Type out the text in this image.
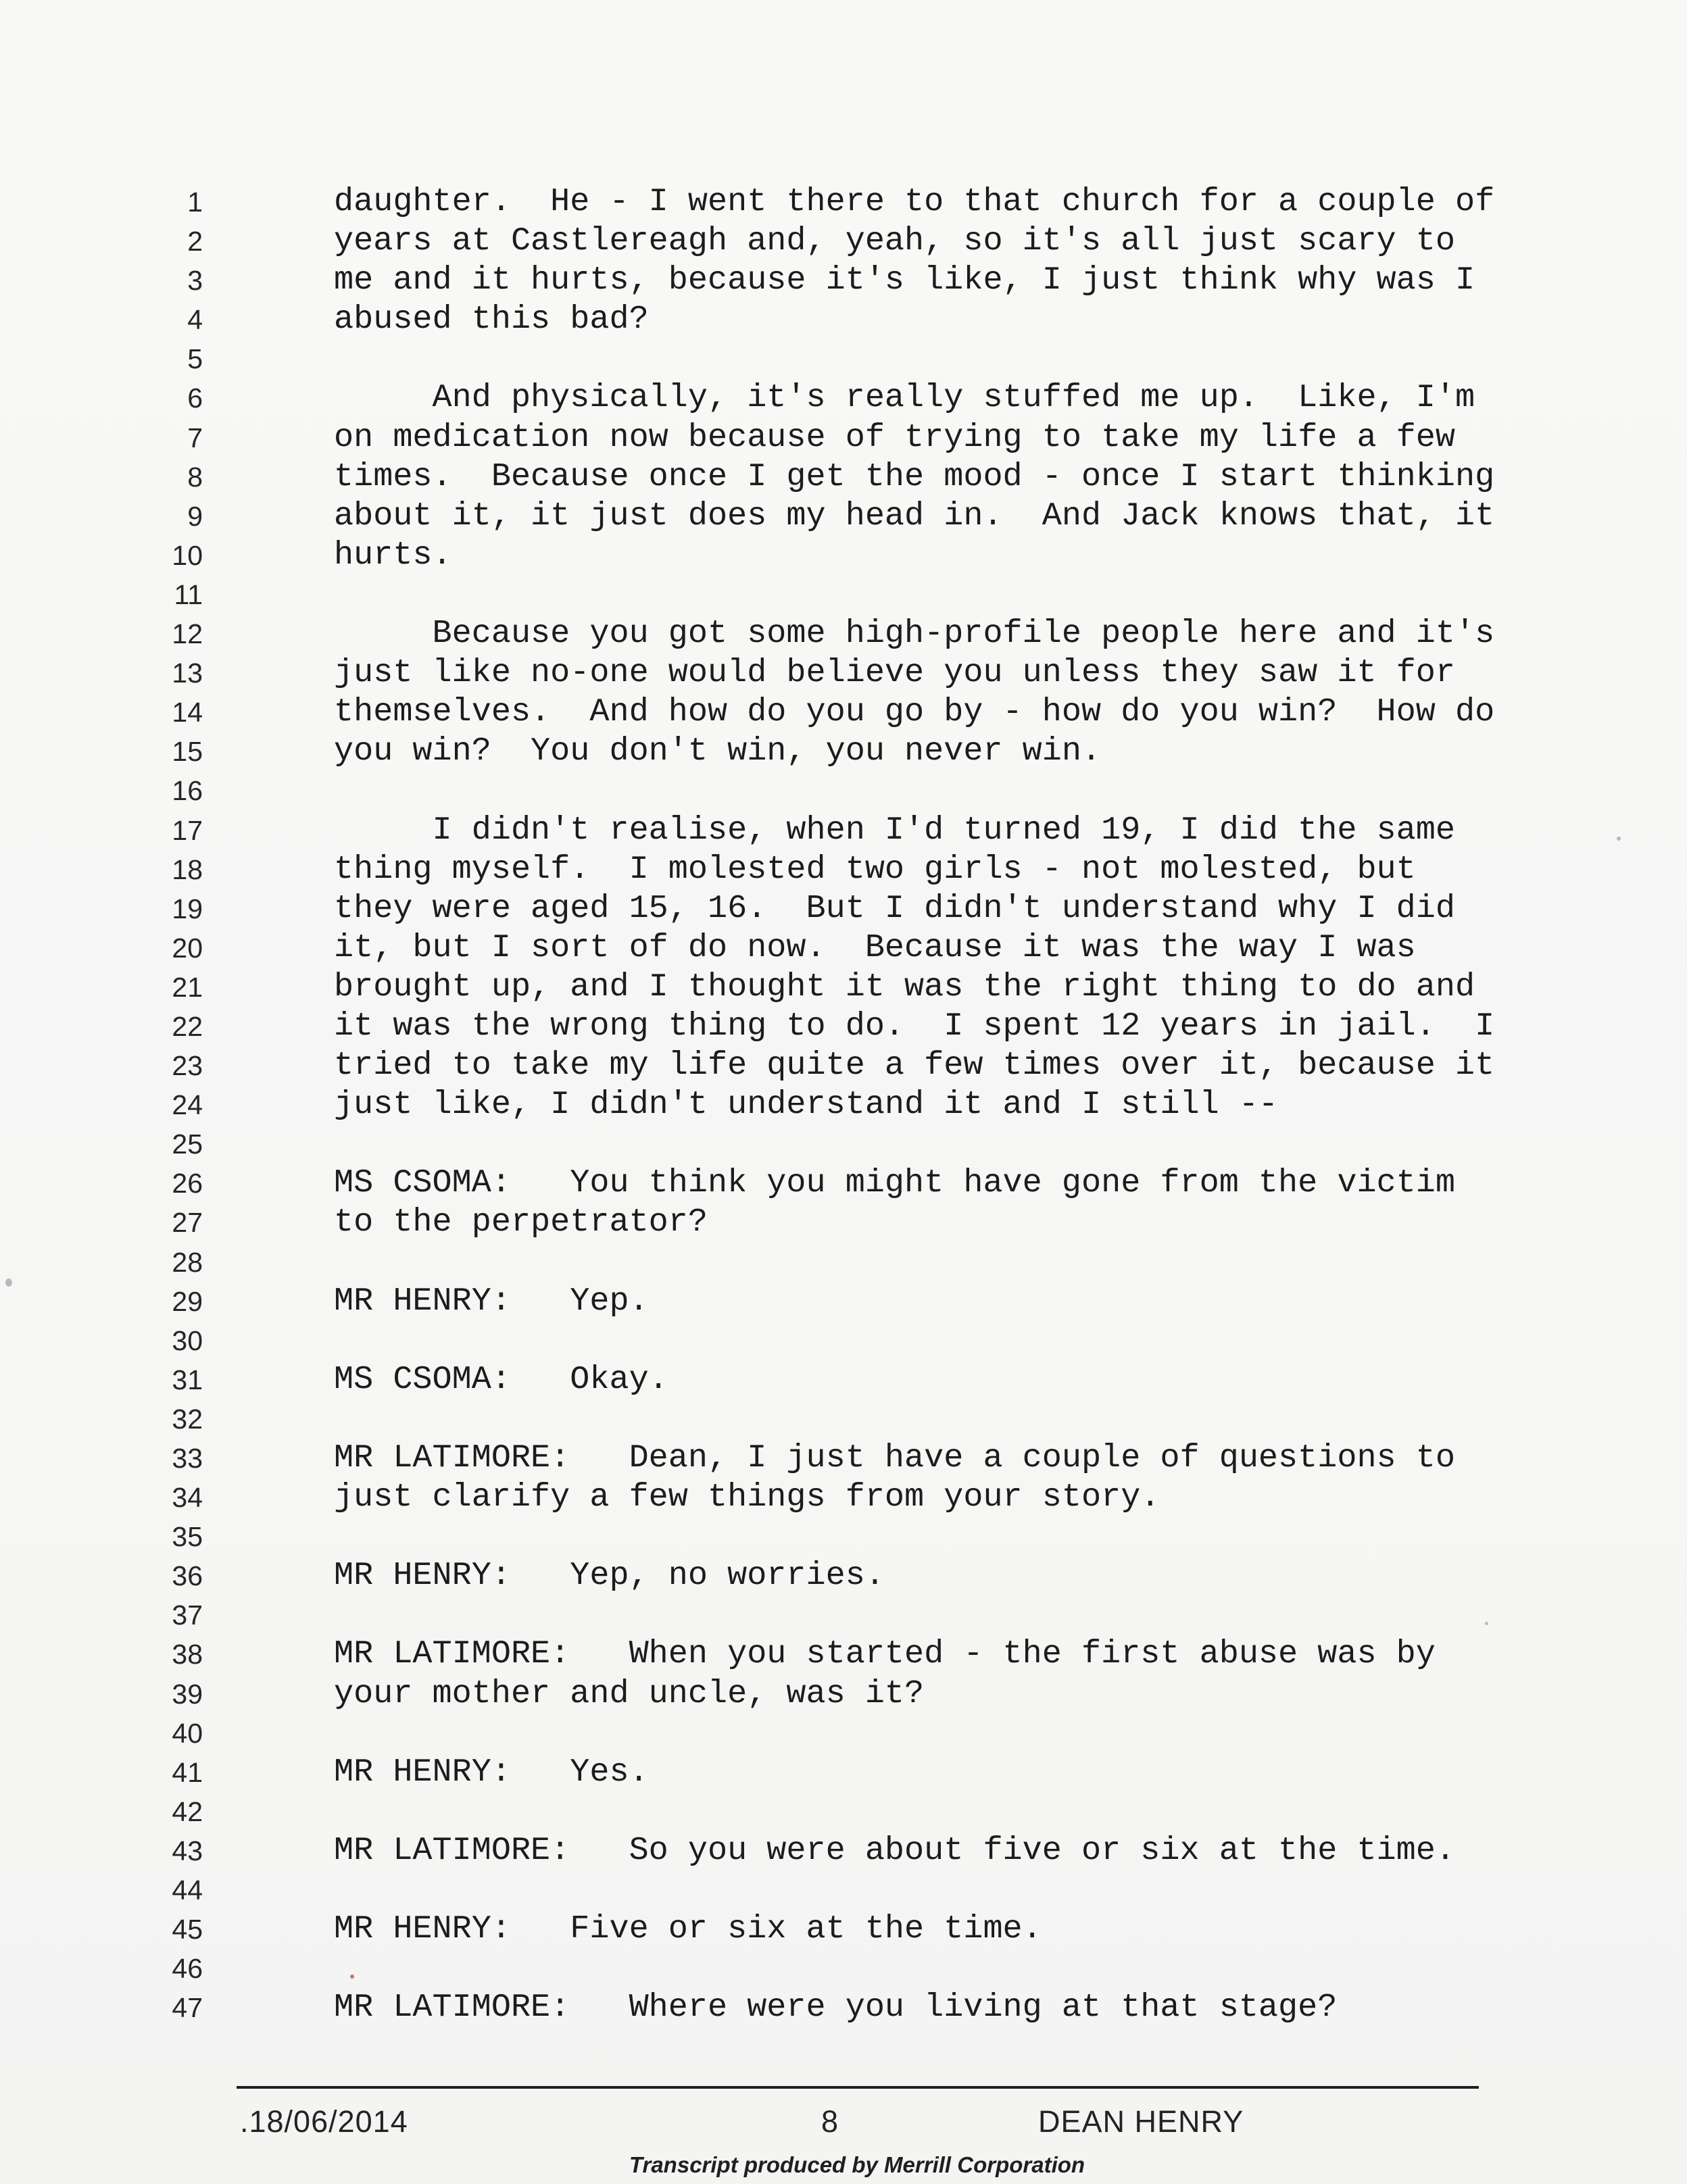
1	daughter.  He - I went there to that church for a couple of
2	years at Castlereagh and, yeah, so it's all just scary to
3	me and it hurts, because it's like, I just think why was I
4	abused this bad?
5
6	And physically, it's really stuffed me up.  Like, I'm
7	on medication now because of trying to take my life a few
8	times.  Because once I get the mood - once I start thinking
9	about it, it just does my head in.  And Jack knows that, it
10	hurts.
11
12	Because you got some high-profile people here and it's
13	just like no-one would believe you unless they saw it for
14	themselves.  And how do you go by - how do you win?  How do
15	you win?  You don't win, you never win.
16
17	I didn't realise, when I'd turned 19, I did the same
18	thing myself.  I molested two girls - not molested, but
19	they were aged 15, 16.  But I didn't understand why I did
20	it, but I sort of do now.  Because it was the way I was
21	brought up, and I thought it was the right thing to do and
22	it was the wrong thing to do.  I spent 12 years in jail.  I
23	tried to take my life quite a few times over it, because it
24	just like, I didn't understand it and I still --
25
26	MS CSOMA:   You think you might have gone from the victim
27	to the perpetrator?
28
29	MR HENRY:   Yep.
30
31	MS CSOMA:   Okay.
32
33	MR LATIMORE:   Dean, I just have a couple of questions to
34	just clarify a few things from your story.
35
36	MR HENRY:   Yep, no worries.
37
38	MR LATIMORE:   When you started - the first abuse was by
39	your mother and uncle, was it?
40
41	MR HENRY:   Yes.
42
43	MR LATIMORE:   So you were about five or six at the time.
44
45	MR HENRY:   Five or six at the time.
46
47	MR LATIMORE:   Where were you living at that stage?
.18/06/2014	8	DEAN HENRY
Transcript produced by Merrill Corporation
